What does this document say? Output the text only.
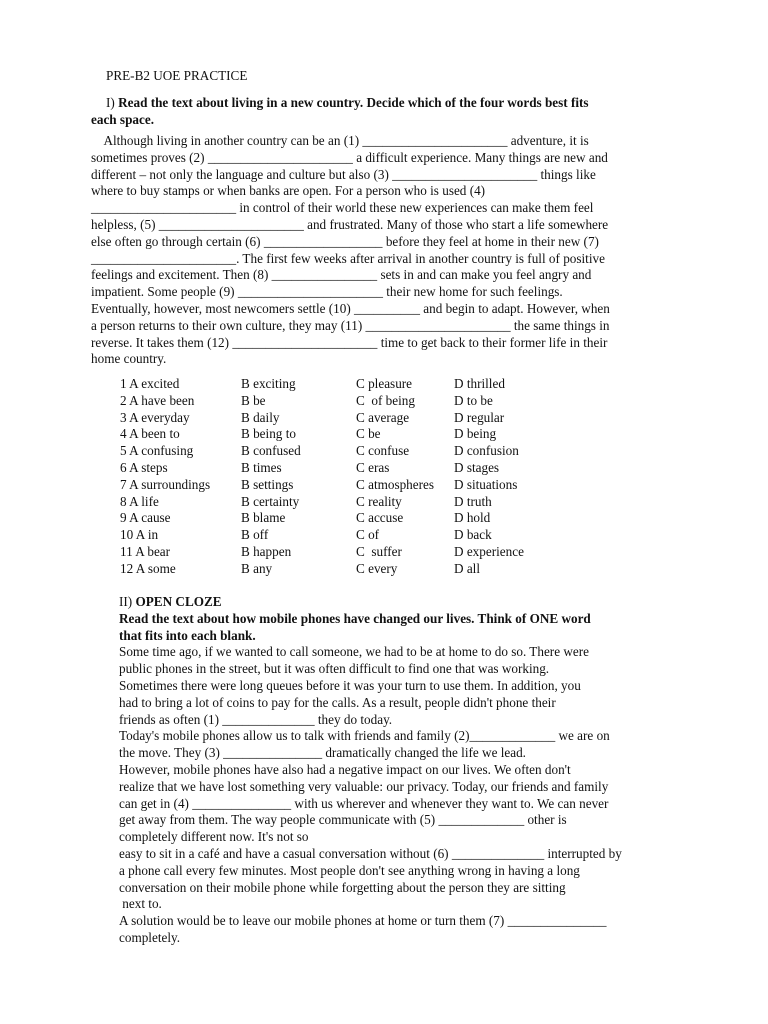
PRE-B2 UOE PRACTICE
I) Read the text about living in a new country. Decide which of the four words best fits
each space.

Although living in another country can be an (1) ______________________ adventure, it is

sometimes proves (2) ______________________ a difficult experience. Many things are new and

different – not only the language and culture but also (3) ______________________ things like

where to buy stamps or when banks are open. For a person who is used (4)

______________________ in control of their world these new experiences can make them feel

helpless, (5) ______________________ and frustrated. Many of those who start a life somewhere

else often go through certain (6) __________________ before they feel at home in their new (7)

______________________. The first few weeks after arrival in another country is full of positive

feelings and excitement. Then (8) ________________ sets in and can make you feel angry and

impatient. Some people (9) ______________________ their new home for such feelings.

Eventually, however, most newcomers settle (10) __________ and begin to adapt. However, when

a person returns to their own culture, they may (11) ______________________ the same things in

reverse. It takes them (12) ______________________ time to get back to their former life in their

home country.

1 A excited	B exciting	C pleasure	D thrilled
2 A have been	B be	C  of being	D to be
3 A everyday	B daily	C average	D regular
4 A been to	B being to	C be	D being
5 A confusing	B confused	C confuse	D confusion
6 A steps	B times	C eras	D stages
7 A surroundings	B settings	C atmospheres	D situations
8 A life	B certainty	C reality	D truth
9 A cause	B blame	C accuse	D hold
10 A in	B off	C of	D back
11 A bear	B happen	C  suffer	D experience
12 A some	B any	C every	D all
II) OPEN CLOZE
Read the text about how mobile phones have changed our lives. Think of ONE word
that fits into each blank.
Some time ago, if we wanted to call someone, we had to be at home to do so. There were
public phones in the street, but it was often difficult to find one that was working.
Sometimes there were long queues before it was your turn to use them. In addition, you
had to bring a lot of coins to pay for the calls. As a result, people didn't phone their
friends as often (1) ______________ they do today.
Today's mobile phones allow us to talk with friends and family (2)_____________ we are on
the move. They (3) _______________ dramatically changed the life we lead.
However, mobile phones have also had a negative impact on our lives. We often don't
realize that we have lost something very valuable: our privacy. Today, our friends and family
can get in (4) _______________ with us wherever and whenever they want to. We can never
get away from them. The way people communicate with (5) _____________ other is
completely different now. It's not so
easy to sit in a café and have a casual conversation without (6) ______________ interrupted by
a phone call every few minutes. Most people don't see anything wrong in having a long
conversation on their mobile phone while forgetting about the person they are sitting
next to.
A solution would be to leave our mobile phones at home or turn them (7) _______________
completely.
